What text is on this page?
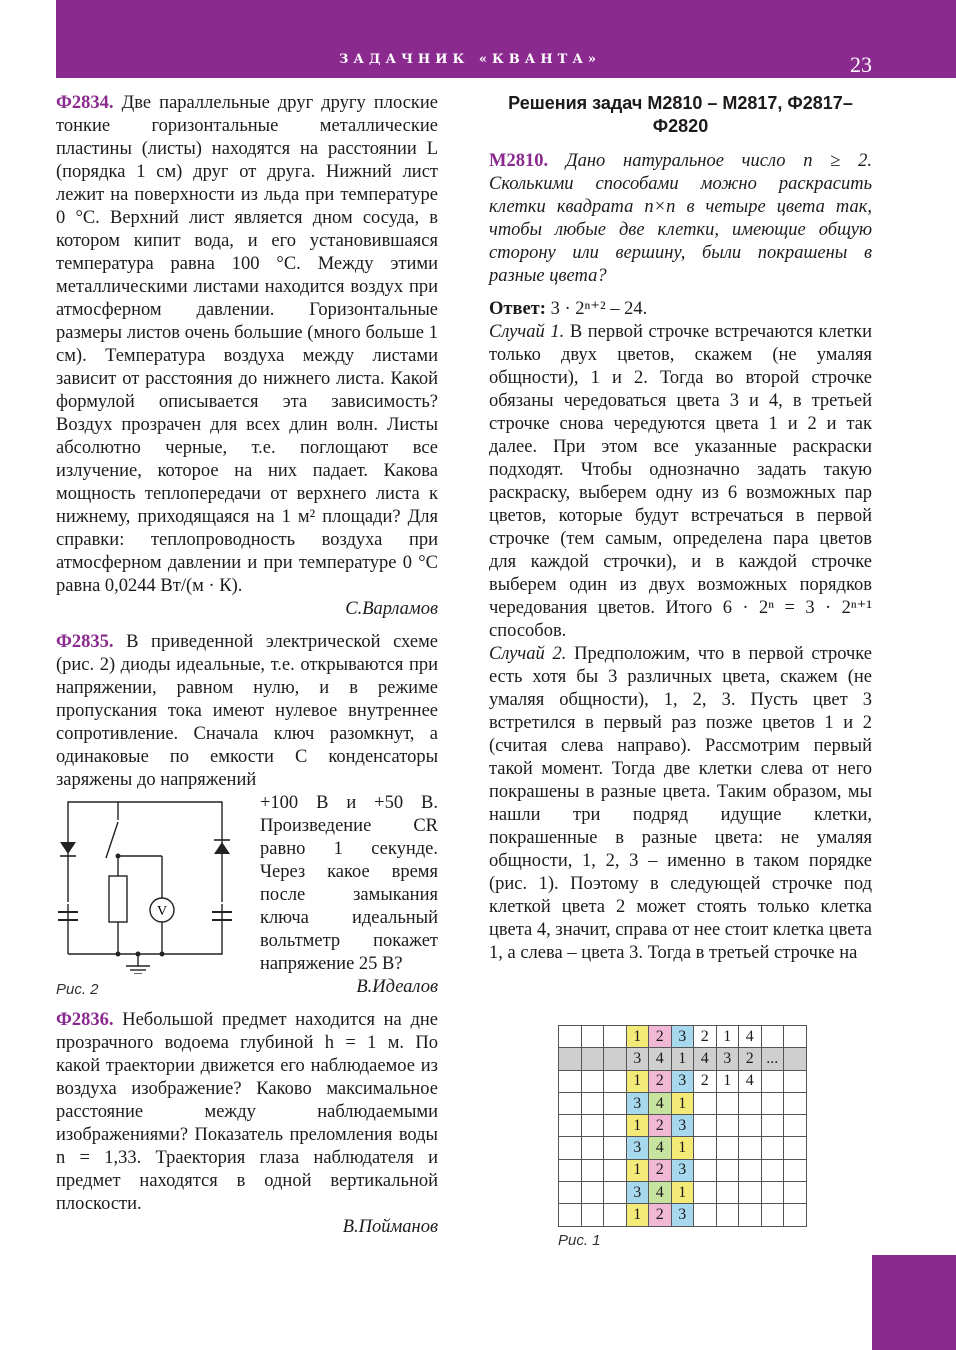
ЗАДАЧНИК «КВАНТА»	23

Ф2834. Две параллельные друг другу плоские тонкие горизонтальные металлические пластины (листы) находятся на расстоянии L (порядка 1 см) друг от друга. Нижний лист лежит на поверхности из льда при температуре 0 °С. Верхний лист является дном сосуда, в котором кипит вода, и его установившаяся температура равна 100 °С. Между этими металлическими листами находится воздух при атмосферном давлении. Горизонтальные размеры листов очень большие (много больше 1 см). Температура воздуха между листами зависит от расстояния до нижнего листа. Какой формулой описывается эта зависимость? Воздух прозрачен для всех длин волн. Листы абсолютно черные, т.е. поглощают все излучение, которое на них падает. Какова мощность теплопередачи от верхнего листа к нижнему, приходящаяся на 1 м² площади? Для справки: теплопроводность воздуха при атмосферном давлении и при температуре 0 °С равна 0,0244 Вт/(м · К).

С.Варламов

Ф2835. В приведенной электрической схеме (рис. 2) диоды идеальные, т.е. открываются при напряжении, равном нулю, и в режиме пропускания тока имеют нулевое внутреннее сопротивление. Сначала ключ разомкнут, а одинаковые по емкости C конденсаторы заряжены до напряжений

V

+100 В и +50 В. Произведение CR равно 1 секунде. Через какое время после замыкания ключа идеальный вольтметр покажет напряжение 25 В?

Рис. 2	В.Идеалов

Ф2836. Небольшой предмет находится на дне прозрачного водоема глубиной h = 1 м. По какой траектории движется его наблюдаемое из воздуха изображение? Каково максимальное расстояние между наблюдаемыми изображениями? Показатель преломления воды n = 1,33. Траектория глаза наблюдателя и предмет находятся в одной вертикальной плоскости.

В.Пойманов

Решения задач М2810 – М2817, Ф2817–Ф2820

М2810. Дано натуральное число n ≥ 2. Сколькими способами можно раскрасить клетки квадрата n×n в четыре цвета так, чтобы любые две клетки, имеющие общую сторону или вершину, были покрашены в разные цвета?

Ответ: 3 · 2ⁿ⁺² – 24.

Случай 1. В первой строчке встречаются клетки только двух цветов, скажем (не умаляя общности), 1 и 2. Тогда во второй строчке обязаны чередоваться цвета 3 и 4, в третьей строчке снова чередуются цвета 1 и 2 и так далее. При этом все указанные раскраски подходят. Чтобы однозначно задать такую раскраску, выберем одну из 6 возможных пар цветов, которые будут встречаться в первой строчке (тем самым, определена пара цветов для каждой строчки), и в каждой строчке выберем один из двух возможных порядков чередования цветов. Итого 6 · 2ⁿ = 3 · 2ⁿ⁺¹ способов.

Случай 2. Предположим, что в первой строчке есть хотя бы 3 различных цвета, скажем (не умаляя общности), 1, 2, 3. Пусть цвет 3 встретился в первый раз позже цветов 1 и 2 (считая слева направо). Рассмотрим первый такой момент. Тогда две клетки слева от него покрашены в разные цвета. Таким образом, мы нашли три подряд идущие клетки, покрашенные в разные цвета: не умаляя общности, 1, 2, 3 – именно в таком порядке (рис. 1). Поэтому в следующей строчке под клеткой цвета 2 может стоять только клетка цвета 4, значит, справа от нее стоит клетка цвета 1, а слева – цвета 3. Тогда в третьей строчке на

			1	2	3	2	1	4		
			3	4	1	4	3	2	...	
			1	2	3	2	1	4		
			3	4	1					
			1	2	3					
			3	4	1					
			1	2	3					
			3	4	1					
			1	2	3					
Рис. 1
